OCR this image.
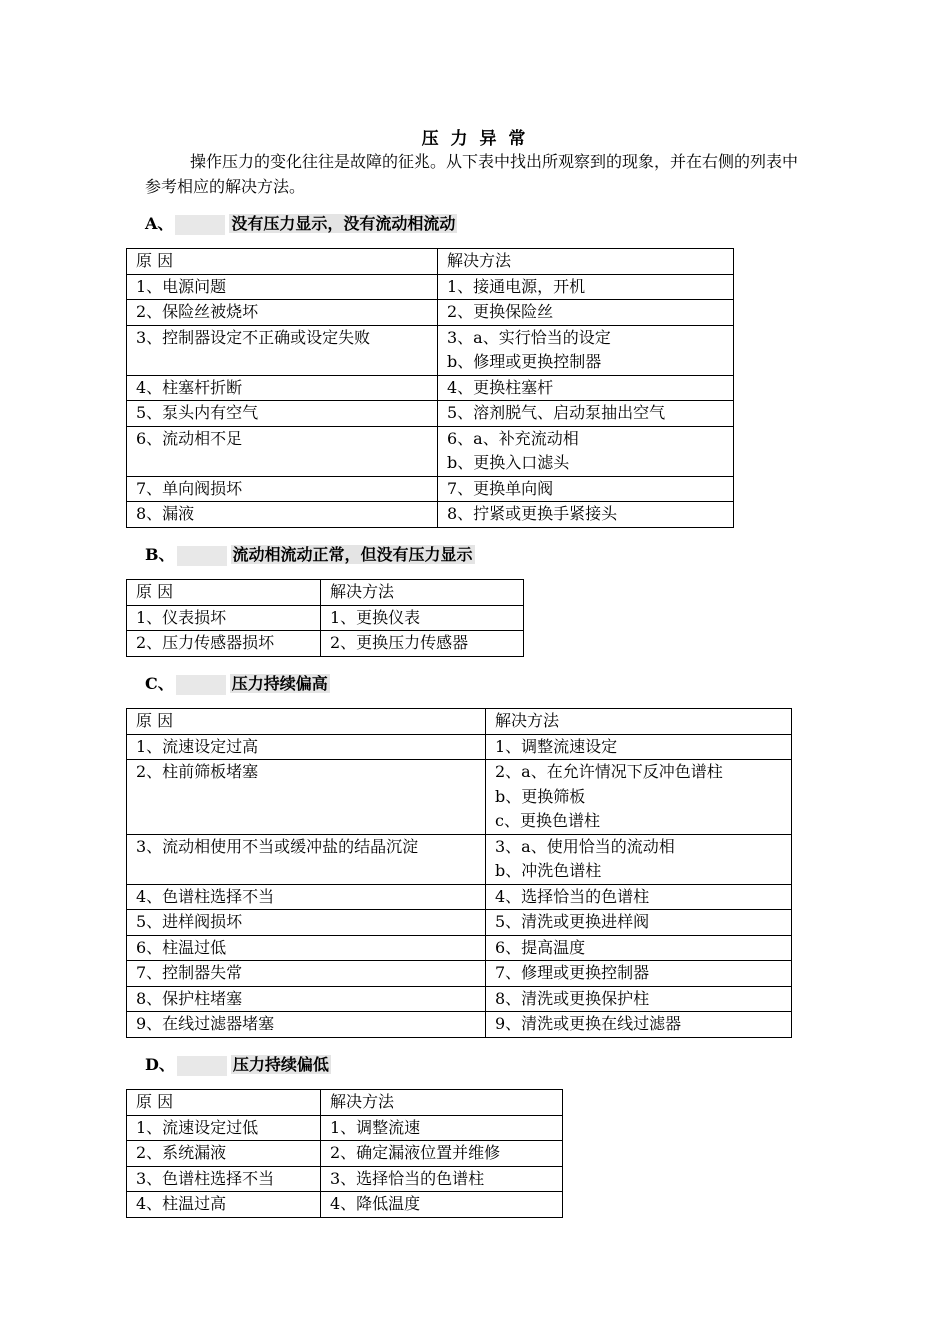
压 力 异 常
操作压力的变化往往是故障的征兆。从下表中找出所观察到的现象，并在右侧的列表中参考相应的解决方法。
A、	没有压力显示，没有流动相流动
原 因	解决方法

1、电源问题	1、接通电源，开机

2、保险丝被烧坏	2、更换保险丝

3、控制器设定不正确或设定失败	3、a、实行恰当的设定
b、修理或更换控制器

4、柱塞杆折断	4、更换柱塞杆

5、泵头内有空气	5、溶剂脱气、启动泵抽出空气

6、流动相不足	6、a、补充流动相
b、更换入口滤头

7、单向阀损坏	7、更换单向阀

8、漏液	8、拧紧或更换手紧接头
B、	流动相流动正常，但没有压力显示
原 因	解决方法

1、仪表损坏	1、更换仪表

2、压力传感器损坏	2、更换压力传感器
C、	压力持续偏高
原 因	解决方法

1、流速设定过高	1、调整流速设定

2、柱前筛板堵塞	2、a、在允许情况下反冲色谱柱
b、更换筛板
c、更换色谱柱

3、流动相使用不当或缓冲盐的结晶沉淀	3、a、使用恰当的流动相
b、冲洗色谱柱

4、色谱柱选择不当	4、选择恰当的色谱柱

5、进样阀损坏	5、清洗或更换进样阀

6、柱温过低	6、提高温度

7、控制器失常	7、修理或更换控制器

8、保护柱堵塞	8、清洗或更换保护柱

9、在线过滤器堵塞	9、清洗或更换在线过滤器
D、	压力持续偏低
原 因	解决方法

1、流速设定过低	1、调整流速

2、系统漏液	2、确定漏液位置并维修

3、色谱柱选择不当	3、选择恰当的色谱柱

4、柱温过高	4、降低温度
